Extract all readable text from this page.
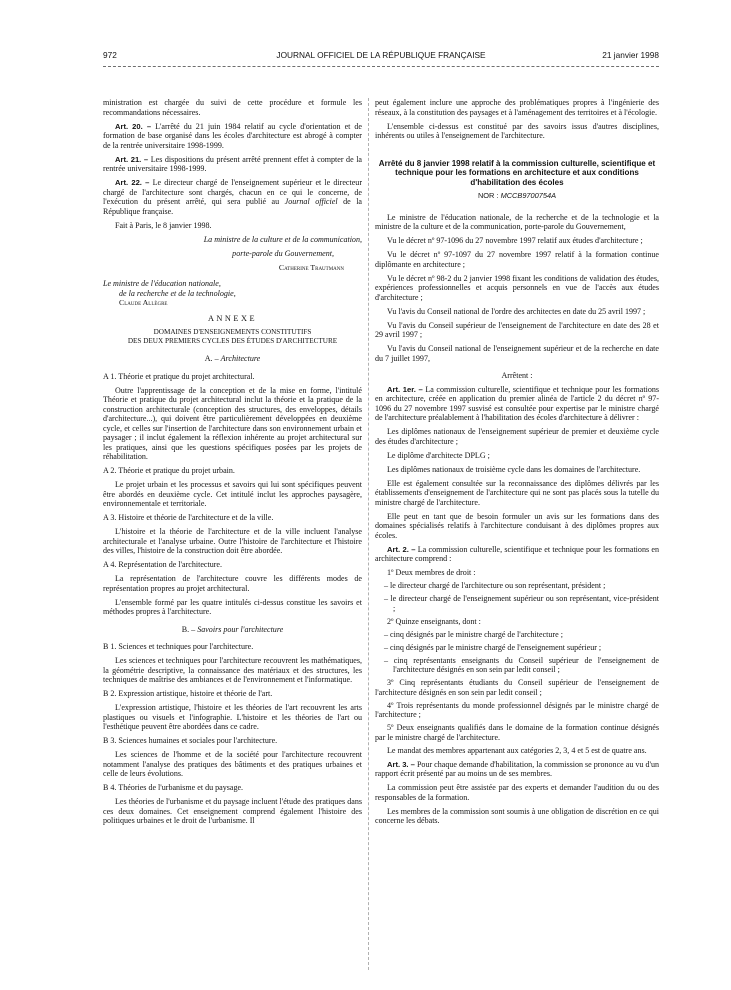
972	JOURNAL OFFICIEL DE LA RÉPUBLIQUE FRANÇAISE	21 janvier 1998

ministration est chargée du suivi de cette procédure et formule les recommandations nécessaires.

Art. 20. – L'arrêté du 21 juin 1984 relatif au cycle d'orientation et de formation de base organisé dans les écoles d'architecture est abrogé à compter de la rentrée universitaire 1998-1999.

Art. 21. – Les dispositions du présent arrêté prennent effet à compter de la rentrée universitaire 1998-1999.

Art. 22. – Le directeur chargé de l'enseignement supérieur et le directeur chargé de l'architecture sont chargés, chacun en ce qui le concerne, de l'exécution du présent arrêté, qui sera publié au Journal officiel de la République française.

Fait à Paris, le 8 janvier 1998.

La ministre de la culture et de la communication,

porte-parole du Gouvernement,

Catherine Trautmann

Le ministre de l'éducation nationale,

de la recherche et de la technologie,

Claude Allègre

ANNEXE
DOMAINES D'ENSEIGNEMENTS CONSTITUTIFS
DES DEUX PREMIERS CYCLES DES ÉTUDES D'ARCHITECTURE
A. – Architecture

A 1. Théorie et pratique du projet architectural.

Outre l'apprentissage de la conception et de la mise en forme, l'intitulé Théorie et pratique du projet architectural inclut la théorie et la pratique de la construction architecturale (conception des structures, des enveloppes, détails d'architecture...), qui doivent être particulièrement développées en deuxième cycle, et celles sur l'insertion de l'architecture dans son environnement urbain et paysager ; il inclut également la réflexion inhérente au projet architectural sur les pratiques, ainsi que les questions spécifiques posées par les projets de réhabilitation.

A 2. Théorie et pratique du projet urbain.

Le projet urbain et les processus et savoirs qui lui sont spécifiques peuvent être abordés en deuxième cycle. Cet intitulé inclut les approches paysagère, environnementale et territoriale.

A 3. Histoire et théorie de l'architecture et de la ville.

L'histoire et la théorie de l'architecture et de la ville incluent l'analyse architecturale et l'analyse urbaine. Outre l'histoire de l'architecture et l'histoire des villes, l'histoire de la construction doit être abordée.

A 4. Représentation de l'architecture.

La représentation de l'architecture couvre les différents modes de représentation propres au projet architectural.

L'ensemble formé par les quatre intitulés ci-dessus constitue les savoirs et méthodes propres à l'architecture.

B. – Savoirs pour l'architecture

B 1. Sciences et techniques pour l'architecture.

Les sciences et techniques pour l'architecture recouvrent les mathématiques, la géométrie descriptive, la connaissance des matériaux et des structures, les techniques de maîtrise des ambiances et de l'environnement et l'informatique.

B 2. Expression artistique, histoire et théorie de l'art.

L'expression artistique, l'histoire et les théories de l'art recouvrent les arts plastiques ou visuels et l'infographie. L'histoire et les théories de l'art ou l'esthétique peuvent être abordées dans ce cadre.

B 3. Sciences humaines et sociales pour l'architecture.

Les sciences de l'homme et de la société pour l'architecture recouvrent notamment l'analyse des pratiques des bâtiments et des pratiques urbaines et celle de leurs évolutions.

B 4. Théories de l'urbanisme et du paysage.

Les théories de l'urbanisme et du paysage incluent l'étude des pratiques dans ces deux domaines. Cet enseignement comprend également l'histoire des politiques urbaines et le droit de l'urbanisme. Il

peut également inclure une approche des problématiques propres à l'ingénierie des réseaux, à la constitution des paysages et à l'aménagement des territoires et à l'écologie.

L'ensemble ci-dessus est constitué par des savoirs issus d'autres disciplines, inhérents ou utiles à l'enseignement de l'architecture.

Arrêté du 8 janvier 1998 relatif à la commission culturelle, scientifique et technique pour les formations en architecture et aux conditions d'habilitation des écoles
NOR : MCCB9700754A

Le ministre de l'éducation nationale, de la recherche et de la technologie et la ministre de la culture et de la communication, porte-parole du Gouvernement,

Vu le décret nº 97-1096 du 27 novembre 1997 relatif aux études d'architecture ;

Vu le décret nº 97-1097 du 27 novembre 1997 relatif à la formation continue diplômante en architecture ;

Vu le décret nº 98-2 du 2 janvier 1998 fixant les conditions de validation des études, expériences professionnelles et acquis personnels en vue de l'accès aux études d'architecture ;

Vu l'avis du Conseil national de l'ordre des architectes en date du 25 avril 1997 ;

Vu l'avis du Conseil supérieur de l'enseignement de l'architecture en date des 28 et 29 avril 1997 ;

Vu l'avis du Conseil national de l'enseignement supérieur et de la recherche en date du 7 juillet 1997,

Arrêtent :

Art. 1er. – La commission culturelle, scientifique et technique pour les formations en architecture, créée en application du premier alinéa de l'article 2 du décret nº 97-1096 du 27 novembre 1997 susvisé est consultée pour expertise par le ministre chargé de l'architecture préalablement à l'habilitation des écoles d'architecture à délivrer :

Les diplômes nationaux de l'enseignement supérieur de premier et deuxième cycle des études d'architecture ;

Le diplôme d'architecte DPLG ;

Les diplômes nationaux de troisième cycle dans les domaines de l'architecture.

Elle est également consultée sur la reconnaissance des diplômes délivrés par les établissements d'enseignement de l'architecture qui ne sont pas placés sous la tutelle du ministre chargé de l'architecture.

Elle peut en tant que de besoin formuler un avis sur les formations dans des domaines spécialisés relatifs à l'architecture conduisant à des diplômes propres aux écoles.

Art. 2. – La commission culturelle, scientifique et technique pour les formations en architecture comprend :

1º Deux membres de droit :

– le directeur chargé de l'architecture ou son représentant, président ;

– le directeur chargé de l'enseignement supérieur ou son représentant, vice-président ;

2º Quinze enseignants, dont :

– cinq désignés par le ministre chargé de l'architecture ;

– cinq désignés par le ministre chargé de l'enseignement supérieur ;

– cinq représentants enseignants du Conseil supérieur de l'enseignement de l'architecture désignés en son sein par ledit conseil ;

3º Cinq représentants étudiants du Conseil supérieur de l'enseignement de l'architecture désignés en son sein par ledit conseil ;

4º Trois représentants du monde professionnel désignés par le ministre chargé de l'architecture ;

5º Deux enseignants qualifiés dans le domaine de la formation continue désignés par le ministre chargé de l'architecture.

Le mandat des membres appartenant aux catégories 2, 3, 4 et 5 est de quatre ans.

Art. 3. – Pour chaque demande d'habilitation, la commission se prononce au vu d'un rapport écrit présenté par au moins un de ses membres.

La commission peut être assistée par des experts et demander l'audition du ou des responsables de la formation.

Les membres de la commission sont soumis à une obligation de discrétion en ce qui concerne les débats.
